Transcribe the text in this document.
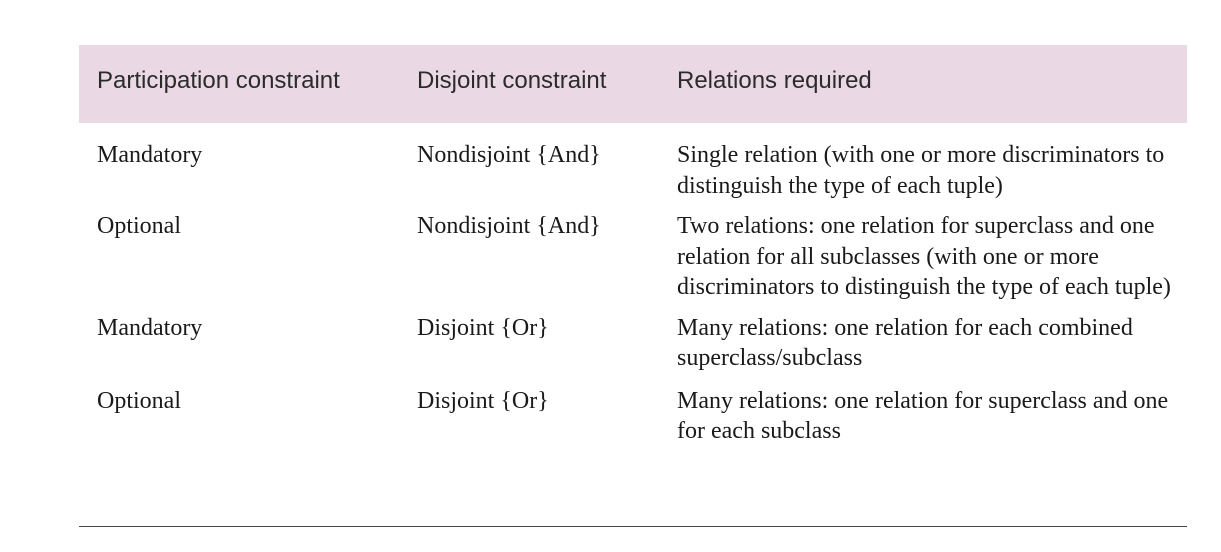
Participation constraint	Disjoint constraint	Relations required
Mandatory	Nondisjoint {And}	Single relation (with one or more discriminators to distinguish the type of each tuple)
Optional	Nondisjoint {And}	Two relations: one relation for superclass and one relation for all subclasses (with one or more discriminators to distinguish the type of each tuple)
Mandatory	Disjoint {Or}	Many relations: one relation for each combined superclass/subclass
Optional	Disjoint {Or}	Many relations: one relation for superclass and one for each subclass
